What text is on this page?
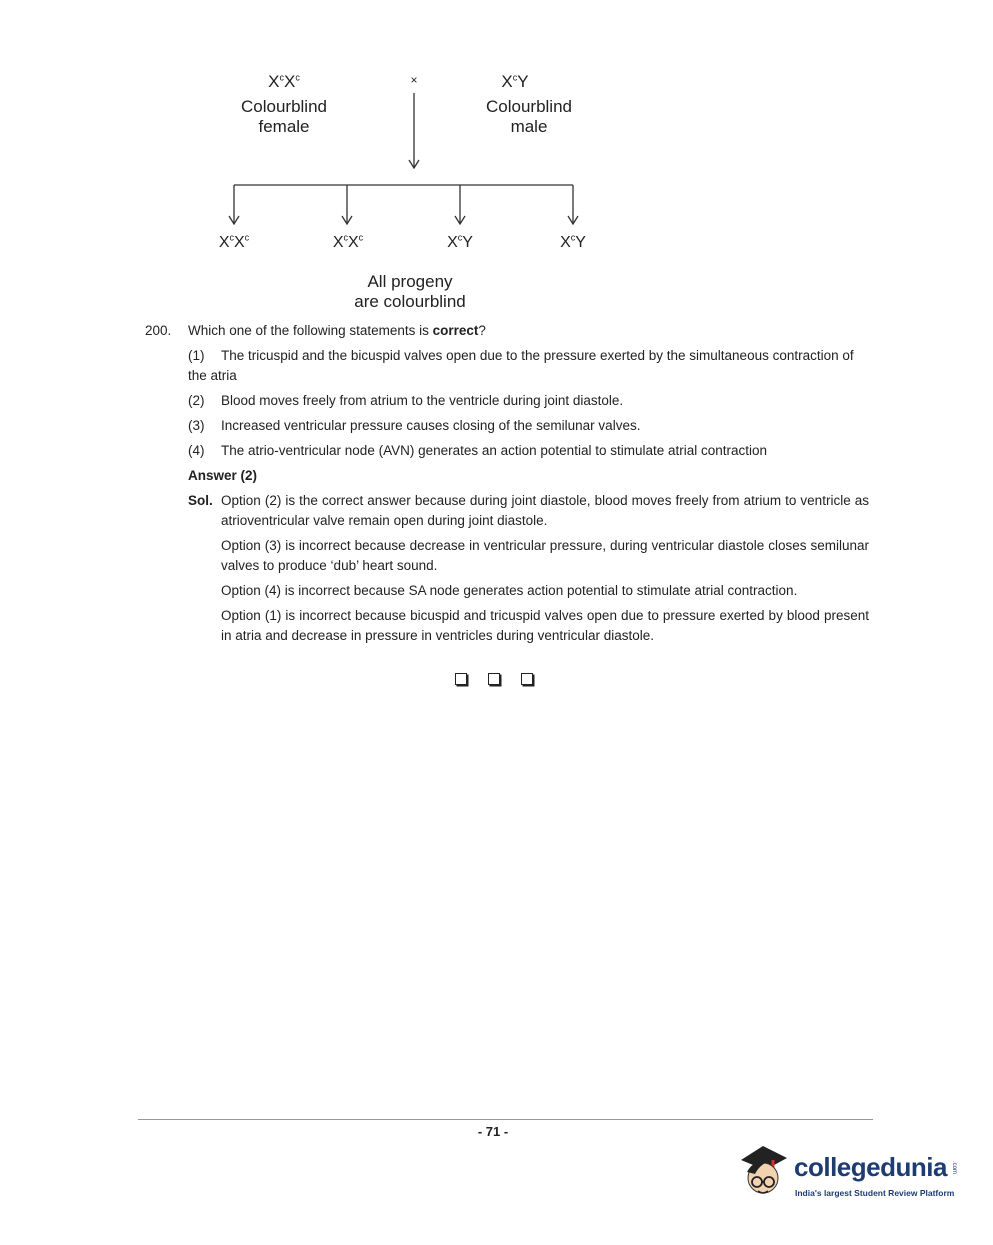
$X^cX^c$
Colourblind
female
×	$X^cY$
Colourblind
male
$X^cX^c$	$X^cX^c$	$X^cY$	$X^cY$
All progeny
are colourblind
200. Which one of the following statements is correct?
(1) The tricuspid and the bicuspid valves open due to the pressure exerted by the simultaneous contraction of the atria
(2) Blood moves freely from atrium to the ventricle during joint diastole.
(3) Increased ventricular pressure causes closing of the semilunar valves.
(4) The atrio-ventricular node (AVN) generates an action potential to stimulate atrial contraction
Answer (2)
Sol. Option (2) is the correct answer because during joint diastole, blood moves freely from atrium to ventricle as atrioventricular valve remain open during joint diastole.
Option (3) is incorrect because decrease in ventricular pressure, during ventricular diastole closes semilunar valves to produce ‘dub’ heart sound.
Option (4) is incorrect because SA node generates action potential to stimulate atrial contraction.
Option (1) is incorrect because bicuspid and tricuspid valves open due to pressure exerted by blood present in atria and decrease in pressure in ventricles during ventricular diastole.
- 71 -
collegedunia .com
India's largest Student Review Platform
